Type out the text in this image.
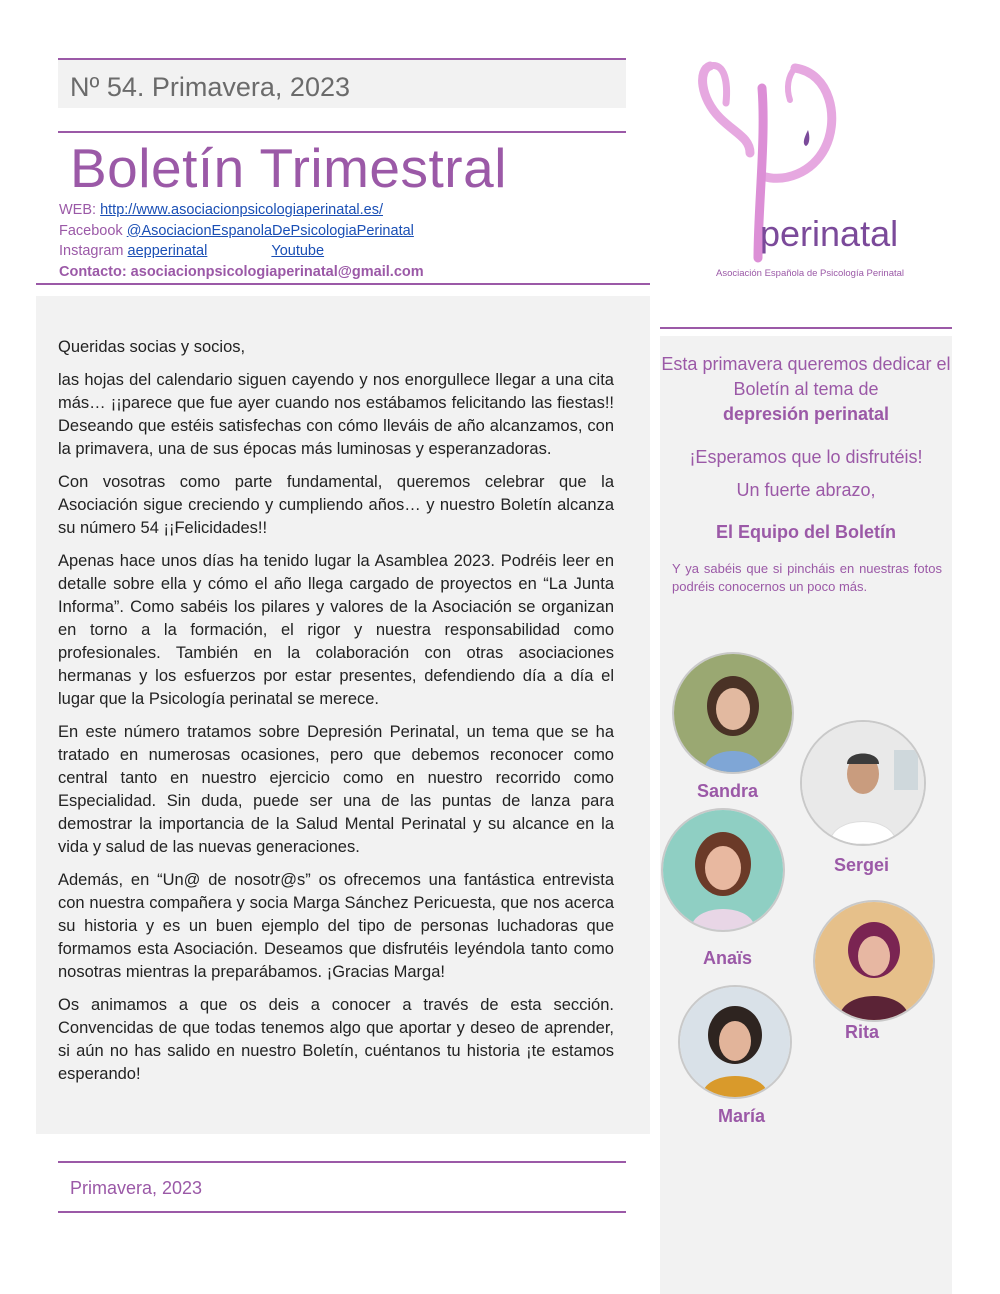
Nº 54. Primavera, 2023
Boletín Trimestral
WEB: http://www.asociacionpsicologiaperinatal.es/
Facebook @AsociacionEspanolaDePsicologiaPerinatal
Instagram aepperinatal	Youtube
Contacto: asociacionpsicologiaperinatal@gmail.com

Queridas socias y socios,

las hojas del calendario siguen cayendo y nos enorgullece llegar a una cita más… ¡¡parece que fue ayer cuando nos estábamos felicitando las fiestas!! Deseando que estéis satisfechas con cómo lleváis de año alcanzamos, con la primavera, una de sus épocas más luminosas y esperanzadoras.

Con vosotras como parte fundamental, queremos celebrar que la Asociación sigue creciendo y cumpliendo años… y nuestro Boletín alcanza su número 54 ¡¡Felicidades!!

Apenas hace unos días ha tenido lugar la Asamblea 2023. Podréis leer en detalle sobre ella y cómo el año llega cargado de proyectos en “La Junta Informa”. Como sabéis los pilares y valores de la Asociación se organizan en torno a la formación, el rigor y nuestra responsabilidad como profesionales. También en la colaboración con otras asociaciones hermanas y los esfuerzos por estar presentes, defendiendo día a día el lugar que la Psicología perinatal se merece.

En este número tratamos sobre Depresión Perinatal, un tema que se ha tratado en numerosas ocasiones, pero que debemos reconocer como central tanto en nuestro ejercicio como en nuestro recorrido como Especialidad. Sin duda, puede ser una de las puntas de lanza para demostrar la importancia de la Salud Mental Perinatal y su alcance en la vida y salud de las nuevas generaciones.

Además, en “Un@ de nosotr@s” os ofrecemos una fantástica entrevista con nuestra compañera y socia Marga Sánchez Pericuesta, que nos acerca su historia y es un buen ejemplo del tipo de personas luchadoras que formamos esta Asociación. Deseamos que disfrutéis leyéndola tanto como nosotras mientras la preparábamos. ¡Gracias Marga!

Os animamos a que os deis a conocer a través de esta sección. Convencidas de que todas tenemos algo que aportar y deseo de aprender, si aún no has salido en nuestro Boletín, cuéntanos tu historia ¡te estamos esperando!

Primavera, 2023
perinatal
Asociación Española de Psicología Perinatal
Esta primavera queremos dedicar el Boletín al tema de
depresión perinatal
¡Esperamos que lo disfrutéis!
Un fuerte abrazo,
El Equipo del Boletín
Y ya sabéis que si pincháis en nuestras fotos podréis conocernos un poco más.
Sandra
Sergei
Anaïs
Rita
María
